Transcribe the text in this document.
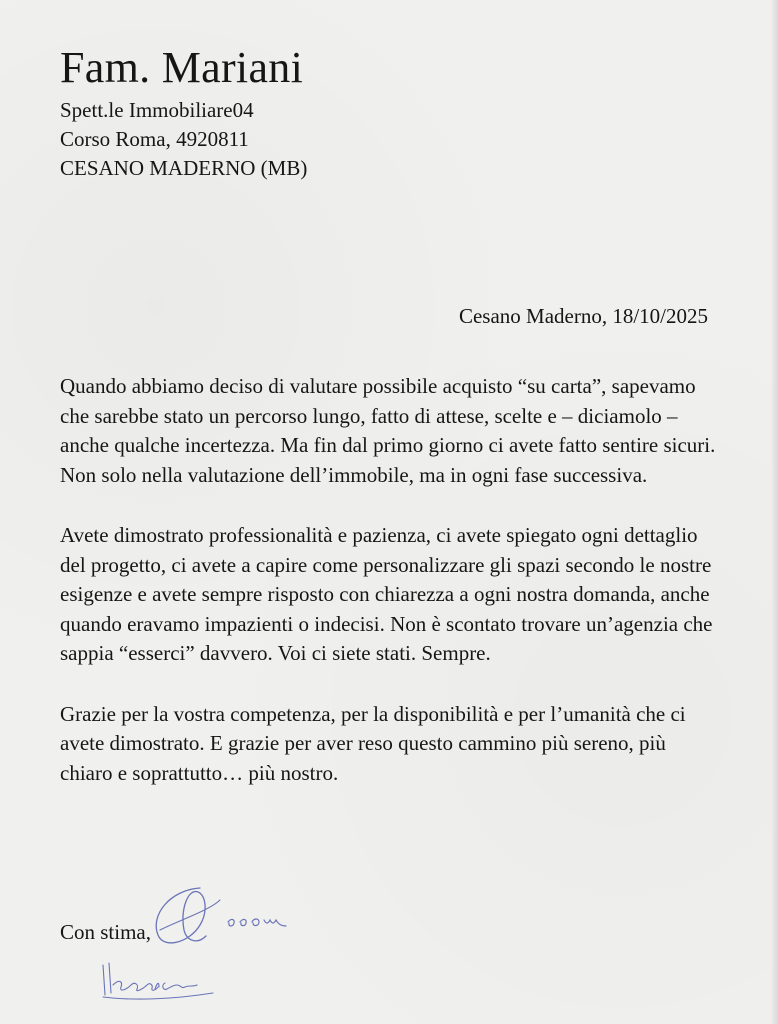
Fam. Mariani
Spett.le Immobiliare04
Corso Roma, 4920811
CESANO MADERNO (MB)
Cesano Maderno, 18/10/2025

Quando abbiamo deciso di valutare possibile acquisto “su carta”, sapevamo che sarebbe stato un percorso lungo, fatto di attese, scelte e – diciamolo – anche qualche incertezza. Ma fin dal primo giorno ci avete fatto sentire sicuri. Non solo nella valutazione dell’immobile, ma in ogni fase successiva.

Avete dimostrato professionalità e pazienza, ci avete spiegato ogni dettaglio del progetto, ci avete a capire come personalizzare gli spazi secondo le nostre esigenze e avete sempre risposto con chiarezza a ogni nostra domanda, anche quando eravamo impazienti o indecisi. Non è scontato trovare un’agenzia che sappia “esserci” davvero. Voi ci siete stati. Sempre.

Grazie per la vostra competenza, per la disponibilità e per l’umanità che ci avete dimostrato. E grazie per aver reso questo cammino più sereno, più chiaro e soprattutto… più nostro.

Con stima,
